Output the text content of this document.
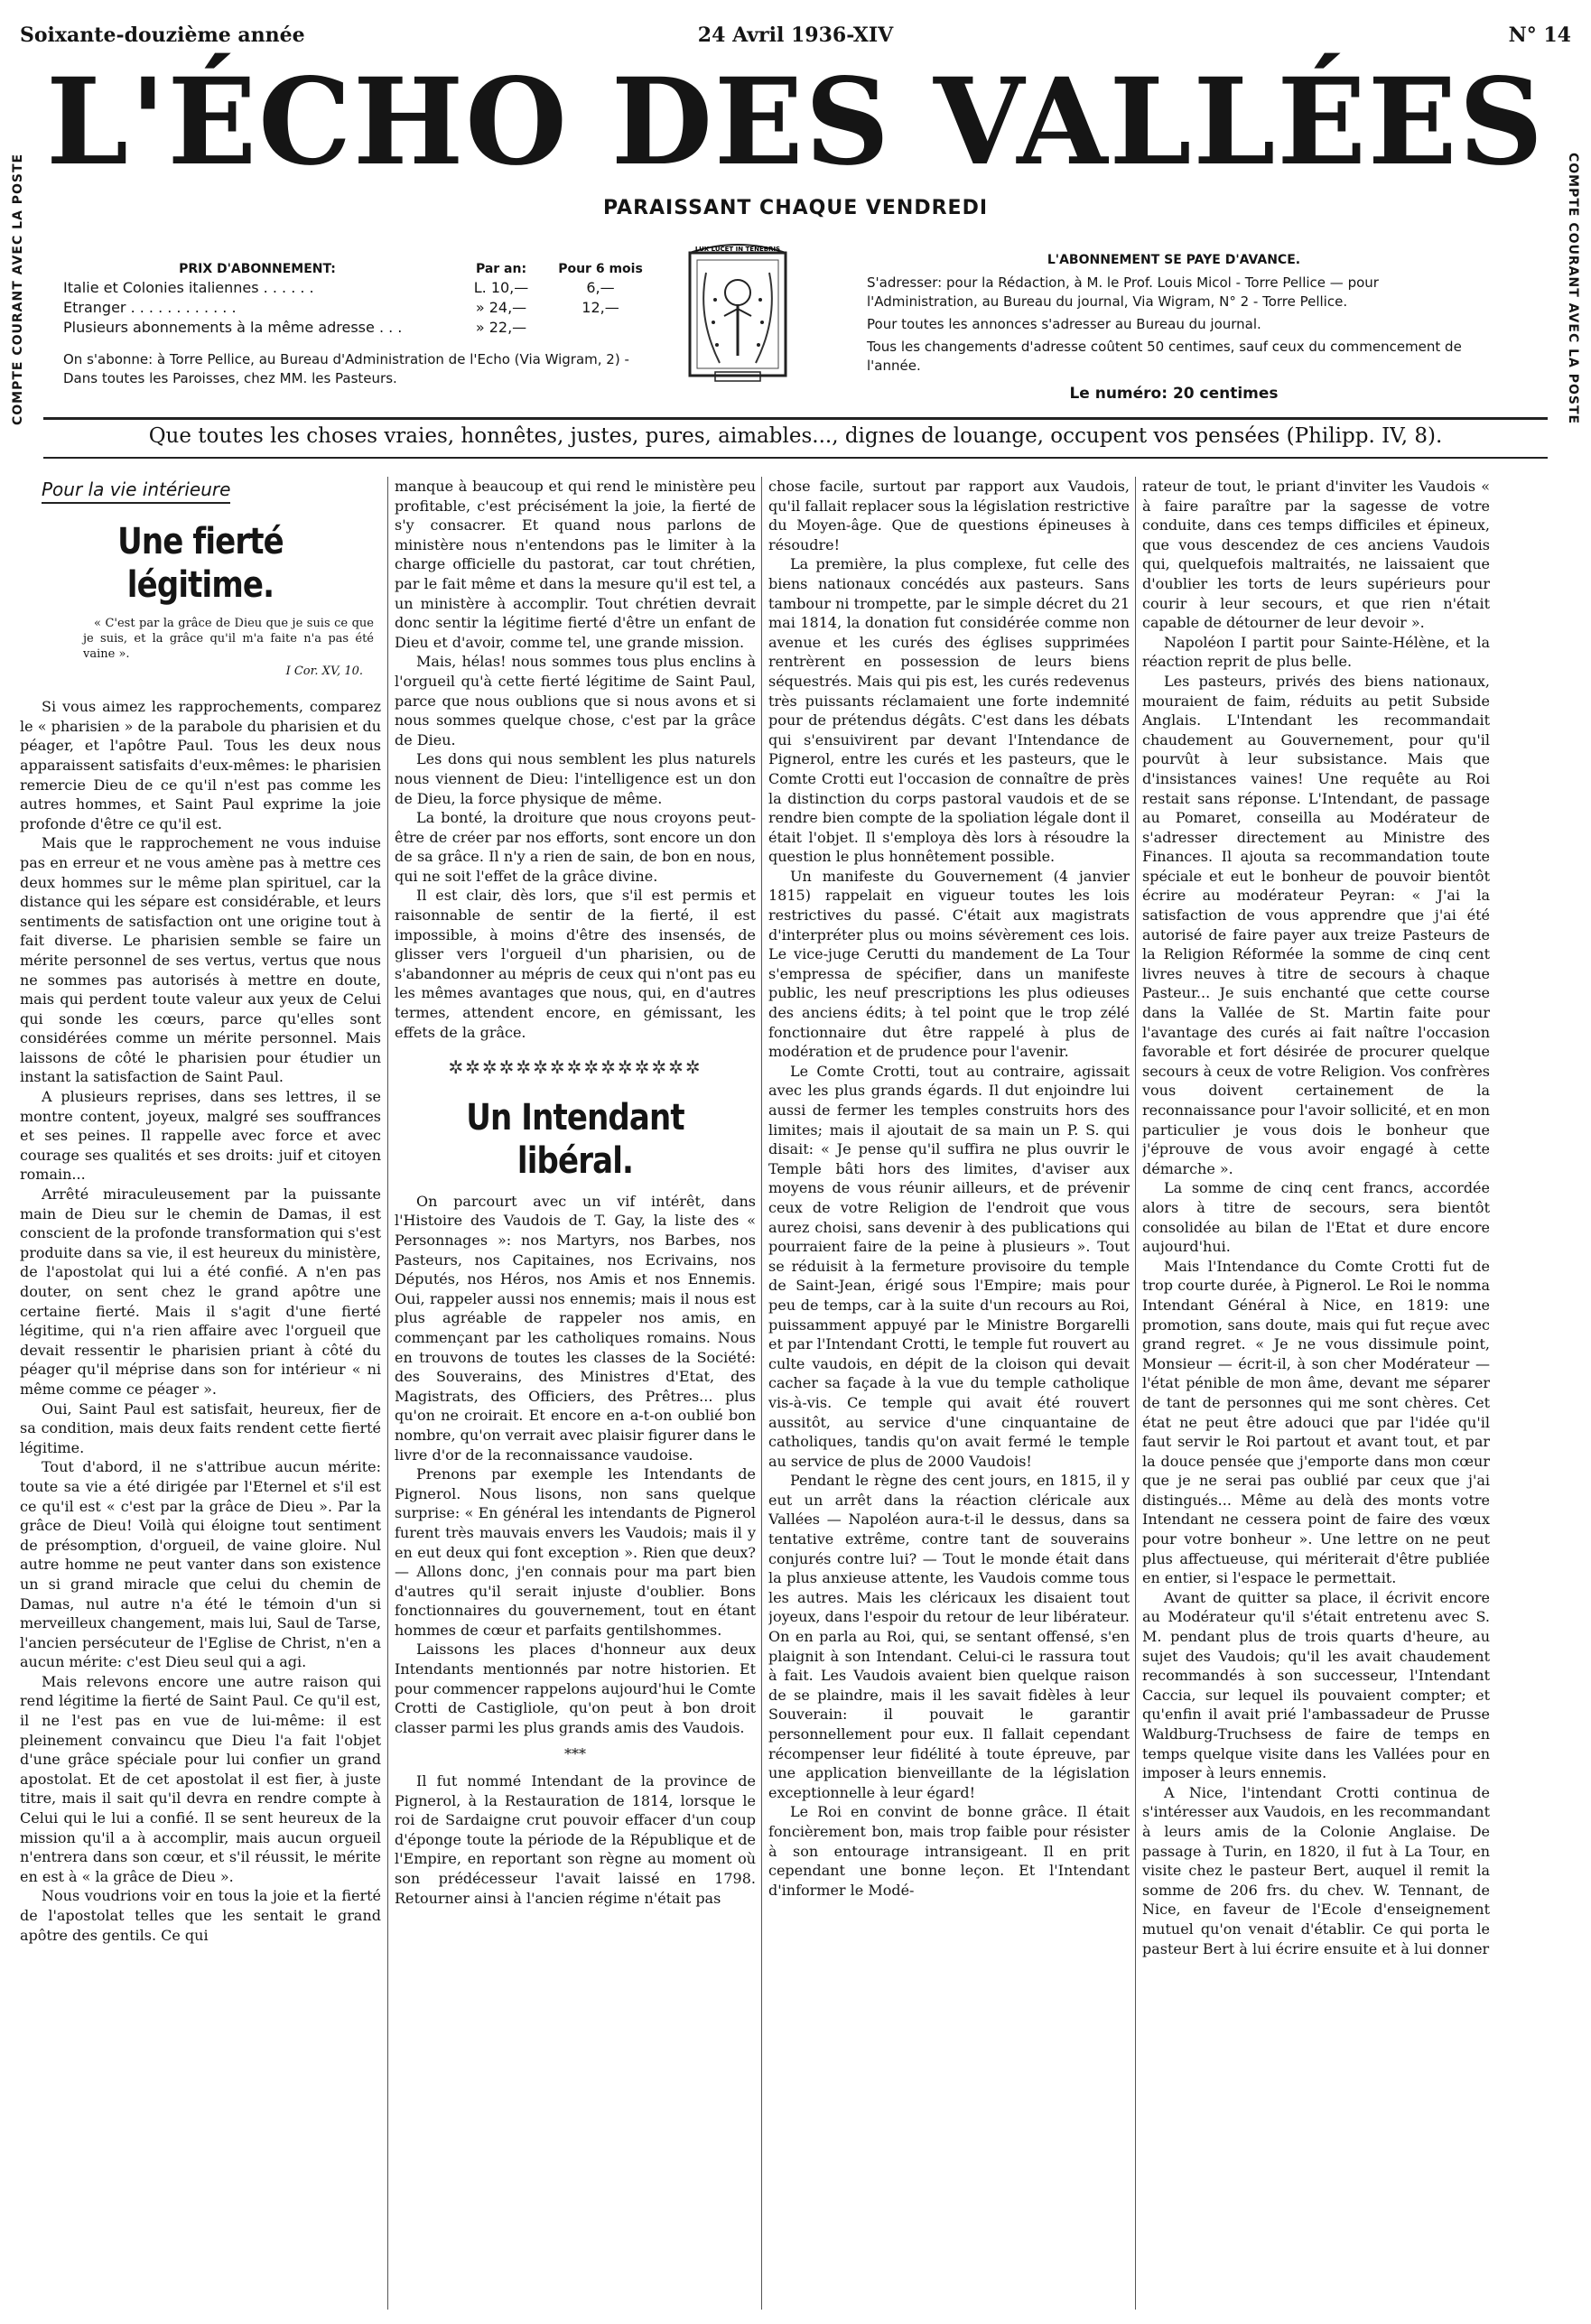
Soixante-douzième année	24 Avril 1936-XIV	N° 14
L'ÉCHO DES VALLÉES
PARAISSANT CHAQUE VENDREDI
COMPTE COURANT AVEC LA POSTE	COMPTE COURANT AVEC LA POSTE
PRIX D'ABONNEMENT:	Par an:	Pour 6 mois
Italie et Colonies italiennes . . . . . .	L. 10,—	6,—
Etranger . . . . . . . . . . . .	» 24,—	12,—
Plusieurs abonnements à la même adresse . . .	» 22,—
On s'abonne: à Torre Pellice, au Bureau d'Administration de l'Echo (Via Wigram, 2) - Dans toutes les Paroisses, chez MM. les Pasteurs.
LUX LUCET IN TENEBRIS
L'ABONNEMENT SE PAYE D'AVANCE.
S'adresser: pour la Rédaction, à M. le Prof. Louis Micol - Torre Pellice — pour l'Administration, au Bureau du journal, Via Wigram, N° 2 - Torre Pellice.
Pour toutes les annonces s'adresser au Bureau du journal.
Tous les changements d'adresse coûtent 50 centimes, sauf ceux du commencement de l'année.
Le numéro: 20 centimes
Que toutes les choses vraies, honnêtes, justes, pures, aimables..., dignes de louange, occupent vos pensées (Philipp. IV, 8).
Pour la vie intérieure
Une fierté légitime.
« C'est par la grâce de Dieu que je suis ce que je suis, et la grâce qu'il m'a faite n'a pas été vaine ».
I Cor. XV, 10.

Si vous aimez les rapprochements, comparez le « pharisien » de la parabole du pharisien et du péager, et l'apôtre Paul. Tous les deux nous apparaissent satisfaits d'eux-mêmes: le pharisien remercie Dieu de ce qu'il n'est pas comme les autres hommes, et Saint Paul exprime la joie profonde d'être ce qu'il est.

Mais que le rapprochement ne vous induise pas en erreur et ne vous amène pas à mettre ces deux hommes sur le même plan spirituel, car la distance qui les sépare est considérable, et leurs sentiments de satisfaction ont une origine tout à fait diverse. Le pharisien semble se faire un mérite personnel de ses vertus, vertus que nous ne sommes pas autorisés à mettre en doute, mais qui perdent toute valeur aux yeux de Celui qui sonde les cœurs, parce qu'elles sont considérées comme un mérite personnel. Mais laissons de côté le pharisien pour étudier un instant la satisfaction de Saint Paul.

A plusieurs reprises, dans ses lettres, il se montre content, joyeux, malgré ses souffrances et ses peines. Il rappelle avec force et avec courage ses qualités et ses droits: juif et citoyen romain...

Arrêté miraculeusement par la puissante main de Dieu sur le chemin de Damas, il est conscient de la profonde transformation qui s'est produite dans sa vie, il est heureux du ministère, de l'apostolat qui lui a été confié. A n'en pas douter, on sent chez le grand apôtre une certaine fierté. Mais il s'agit d'une fierté légitime, qui n'a rien affaire avec l'orgueil que devait ressentir le pharisien priant à côté du péager qu'il méprise dans son for intérieur « ni même comme ce péager ».

Oui, Saint Paul est satisfait, heureux, fier de sa condition, mais deux faits rendent cette fierté légitime.

Tout d'abord, il ne s'attribue aucun mérite: toute sa vie a été dirigée par l'Eternel et s'il est ce qu'il est « c'est par la grâce de Dieu ». Par la grâce de Dieu! Voilà qui éloigne tout sentiment de présomption, d'orgueil, de vaine gloire. Nul autre homme ne peut vanter dans son existence un si grand miracle que celui du chemin de Damas, nul autre n'a été le témoin d'un si merveilleux changement, mais lui, Saul de Tarse, l'ancien persécuteur de l'Eglise de Christ, n'en a aucun mérite: c'est Dieu seul qui a agi.

Mais relevons encore une autre raison qui rend légitime la fierté de Saint Paul. Ce qu'il est, il ne l'est pas en vue de lui-même: il est pleinement convaincu que Dieu l'a fait l'objet d'une grâce spéciale pour lui confier un grand apostolat. Et de cet apostolat il est fier, à juste titre, mais il sait qu'il devra en rendre compte à Celui qui le lui a confié. Il se sent heureux de la mission qu'il a à accomplir, mais aucun orgueil n'entrera dans son cœur, et s'il réussit, le mérite en est à « la grâce de Dieu ».

Nous voudrions voir en tous la joie et la fierté de l'apostolat telles que les sentait le grand apôtre des gentils. Ce qui

manque à beaucoup et qui rend le ministère peu profitable, c'est précisément la joie, la fierté de s'y consacrer. Et quand nous parlons de ministère nous n'entendons pas le limiter à la charge officielle du pastorat, car tout chrétien, par le fait même et dans la mesure qu'il est tel, a un ministère à accomplir. Tout chrétien devrait donc sentir la légitime fierté d'être un enfant de Dieu et d'avoir, comme tel, une grande mission.

Mais, hélas! nous sommes tous plus enclins à l'orgueil qu'à cette fierté légitime de Saint Paul, parce que nous oublions que si nous avons et si nous sommes quelque chose, c'est par la grâce de Dieu.

Les dons qui nous semblent les plus naturels nous viennent de Dieu: l'intelligence est un don de Dieu, la force physique de même.

La bonté, la droiture que nous croyons peut-être de créer par nos efforts, sont encore un don de sa grâce. Il n'y a rien de sain, de bon en nous, qui ne soit l'effet de la grâce divine.

Il est clair, dès lors, que s'il est permis et raisonnable de sentir de la fierté, il est impossible, à moins d'être des insensés, de glisser vers l'orgueil d'un pharisien, ou de s'abandonner au mépris de ceux qui n'ont pas eu les mêmes avantages que nous, qui, en d'autres termes, attendent encore, en gémissant, les effets de la grâce.

✲✲✲✲✲✲✲✲✲✲✲✲✲✲✲
Un Intendant libéral.

On parcourt avec un vif intérêt, dans l'Histoire des Vaudois de T. Gay, la liste des « Personnages »: nos Martyrs, nos Barbes, nos Pasteurs, nos Capitaines, nos Ecrivains, nos Députés, nos Héros, nos Amis et nos Ennemis. Oui, rappeler aussi nos ennemis; mais il nous est plus agréable de rappeler nos amis, en commençant par les catholiques romains. Nous en trouvons de toutes les classes de la Société: des Souverains, des Ministres d'Etat, des Magistrats, des Officiers, des Prêtres... plus qu'on ne croirait. Et encore en a-t-on oublié bon nombre, qu'on verrait avec plaisir figurer dans le livre d'or de la reconnaissance vaudoise.

Prenons par exemple les Intendants de Pignerol. Nous lisons, non sans quelque surprise: « En général les intendants de Pignerol furent très mauvais envers les Vaudois; mais il y en eut deux qui font exception ». Rien que deux? — Allons donc, j'en connais pour ma part bien d'autres qu'il serait injuste d'oublier. Bons fonctionnaires du gouvernement, tout en étant hommes de cœur et parfaits gentilshommes.

Laissons les places d'honneur aux deux Intendants mentionnés par notre historien. Et pour commencer rappelons aujourd'hui le Comte Crotti de Castigliole, qu'on peut à bon droit classer parmi les plus grands amis des Vaudois.

***

Il fut nommé Intendant de la province de Pignerol, à la Restauration de 1814, lorsque le roi de Sardaigne crut pouvoir effacer d'un coup d'éponge toute la période de la République et de l'Empire, en reportant son règne au moment où son prédécesseur l'avait laissé en 1798. Retourner ainsi à l'ancien régime n'était pas

chose facile, surtout par rapport aux Vaudois, qu'il fallait replacer sous la législation restrictive du Moyen-âge. Que de questions épineuses à résoudre!

La première, la plus complexe, fut celle des biens nationaux concédés aux pasteurs. Sans tambour ni trompette, par le simple décret du 21 mai 1814, la donation fut considérée comme non avenue et les curés des églises supprimées rentrèrent en possession de leurs biens séquestrés. Mais qui pis est, les curés redevenus très puissants réclamaient une forte indemnité pour de prétendus dégâts. C'est dans les débats qui s'ensuivirent par devant l'Intendance de Pignerol, entre les curés et les pasteurs, que le Comte Crotti eut l'occasion de connaître de près la distinction du corps pastoral vaudois et de se rendre bien compte de la spoliation légale dont il était l'objet. Il s'employa dès lors à résoudre la question le plus honnêtement possible.

Un manifeste du Gouvernement (4 janvier 1815) rappelait en vigueur toutes les lois restrictives du passé. C'était aux magistrats d'interpréter plus ou moins sévèrement ces lois. Le vice-juge Cerutti du mandement de La Tour s'empressa de spécifier, dans un manifeste public, les neuf prescriptions les plus odieuses des anciens édits; à tel point que le trop zélé fonctionnaire dut être rappelé à plus de modération et de prudence pour l'avenir.

Le Comte Crotti, tout au contraire, agissait avec les plus grands égards. Il dut enjoindre lui aussi de fermer les temples construits hors des limites; mais il ajoutait de sa main un P. S. qui disait: « Je pense qu'il suffira ne plus ouvrir le Temple bâti hors des limites, d'aviser aux moyens de vous réunir ailleurs, et de prévenir ceux de votre Religion de l'endroit que vous aurez choisi, sans devenir à des publications qui pourraient faire de la peine à plusieurs ». Tout se réduisit à la fermeture provisoire du temple de Saint-Jean, érigé sous l'Empire; mais pour peu de temps, car à la suite d'un recours au Roi, puissamment appuyé par le Ministre Borgarelli et par l'Intendant Crotti, le temple fut rouvert au culte vaudois, en dépit de la cloison qui devait cacher sa façade à la vue du temple catholique vis-à-vis. Ce temple qui avait été rouvert aussitôt, au service d'une cinquantaine de catholiques, tandis qu'on avait fermé le temple au service de plus de 2000 Vaudois!

Pendant le règne des cent jours, en 1815, il y eut un arrêt dans la réaction cléricale aux Vallées — Napoléon aura-t-il le dessus, dans sa tentative extrême, contre tant de souverains conjurés contre lui? — Tout le monde était dans la plus anxieuse attente, les Vaudois comme tous les autres. Mais les cléricaux les disaient tout joyeux, dans l'espoir du retour de leur libérateur. On en parla au Roi, qui, se sentant offensé, s'en plaignit à son Intendant. Celui-ci le rassura tout à fait. Les Vaudois avaient bien quelque raison de se plaindre, mais il les savait fidèles à leur Souverain: il pouvait le garantir personnellement pour eux. Il fallait cependant récompenser leur fidélité à toute épreuve, par une application bienveillante de la législation exceptionnelle à leur égard!

Le Roi en convint de bonne grâce. Il était foncièrement bon, mais trop faible pour résister à son entourage intransigeant. Il en prit cependant une bonne leçon. Et l'Intendant d'informer le Modé-

rateur de tout, le priant d'inviter les Vaudois « à faire paraître par la sagesse de votre conduite, dans ces temps difficiles et épineux, que vous descendez de ces anciens Vaudois qui, quelquefois maltraités, ne laissaient que d'oublier les torts de leurs supérieurs pour courir à leur secours, et que rien n'était capable de détourner de leur devoir ».

Napoléon I partit pour Sainte-Hélène, et la réaction reprit de plus belle.

Les pasteurs, privés des biens nationaux, mouraient de faim, réduits au petit Subside Anglais. L'Intendant les recommandait chaudement au Gouvernement, pour qu'il pourvût à leur subsistance. Mais que d'insistances vaines! Une requête au Roi restait sans réponse. L'Intendant, de passage au Pomaret, conseilla au Modérateur de s'adresser directement au Ministre des Finances. Il ajouta sa recommandation toute spéciale et eut le bonheur de pouvoir bientôt écrire au modérateur Peyran: « J'ai la satisfaction de vous apprendre que j'ai été autorisé de faire payer aux treize Pasteurs de la Religion Réformée la somme de cinq cent livres neuves à titre de secours à chaque Pasteur... Je suis enchanté que cette course dans la Vallée de St. Martin faite pour l'avantage des curés ai fait naître l'occasion favorable et fort désirée de procurer quelque secours à ceux de votre Religion. Vos confrères vous doivent certainement de la reconnaissance pour l'avoir sollicité, et en mon particulier je vous dois le bonheur que j'éprouve de vous avoir engagé à cette démarche ».

La somme de cinq cent francs, accordée alors à titre de secours, sera bientôt consolidée au bilan de l'Etat et dure encore aujourd'hui.

Mais l'Intendance du Comte Crotti fut de trop courte durée, à Pignerol. Le Roi le nomma Intendant Général à Nice, en 1819: une promotion, sans doute, mais qui fut reçue avec grand regret. « Je ne vous dissimule point, Monsieur — écrit-il, à son cher Modérateur — l'état pénible de mon âme, devant me séparer de tant de personnes qui me sont chères. Cet état ne peut être adouci que par l'idée qu'il faut servir le Roi partout et avant tout, et par la douce pensée que j'emporte dans mon cœur que je ne serai pas oublié par ceux que j'ai distingués... Même au delà des monts votre Intendant ne cessera point de faire des vœux pour votre bonheur ». Une lettre on ne peut plus affectueuse, qui mériterait d'être publiée en entier, si l'espace le permettait.

Avant de quitter sa place, il écrivit encore au Modérateur qu'il s'était entretenu avec S. M. pendant plus de trois quarts d'heure, au sujet des Vaudois; qu'il les avait chaudement recommandés à son successeur, l'Intendant Caccia, sur lequel ils pouvaient compter; et qu'enfin il avait prié l'ambassadeur de Prusse Waldburg-Truchsess de faire de temps en temps quelque visite dans les Vallées pour en imposer à leurs ennemis.

A Nice, l'intendant Crotti continua de s'intéresser aux Vaudois, en les recommandant à leurs amis de la Colonie Anglaise. De passage à Turin, en 1820, il fut à La Tour, en visite chez le pasteur Bert, auquel il remit la somme de 206 frs. du chev. W. Tennant, de Nice, en faveur de l'Ecole d'enseignement mutuel qu'on venait d'établir. Ce qui porta le pasteur Bert à lui écrire ensuite et à lui donner
